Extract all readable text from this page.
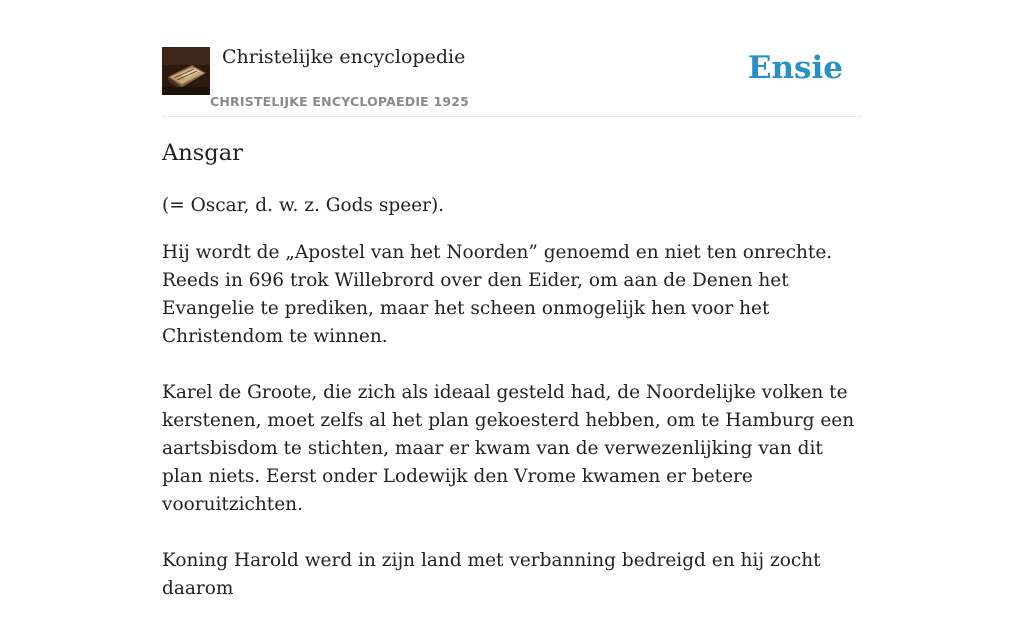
Christelijke encyclopedie
CHRISTELIJKE ENCYCLOPAEDIE 1925
Ensie
Ansgar

(= Oscar, d. w. z. Gods speer).

Hij wordt de „Apostel van het Noorden” genoemd en niet ten onrechte. Reeds in 696 trok Willebrord over den Eider, om aan de Denen het Evangelie te prediken, maar het scheen onmogelijk hen voor het Christendom te winnen.

Karel de Groote, die zich als ideaal gesteld had, de Noordelijke volken te kerstenen, moet zelfs al het plan gekoesterd hebben, om te Hamburg een aartsbisdom te stichten, maar er kwam van de verwezenlijking van dit plan niets. Eerst onder Lodewijk den Vrome kwamen er betere vooruitzichten.

Koning Harold werd in zijn land met verbanning bedreigd en hij zocht daarom
